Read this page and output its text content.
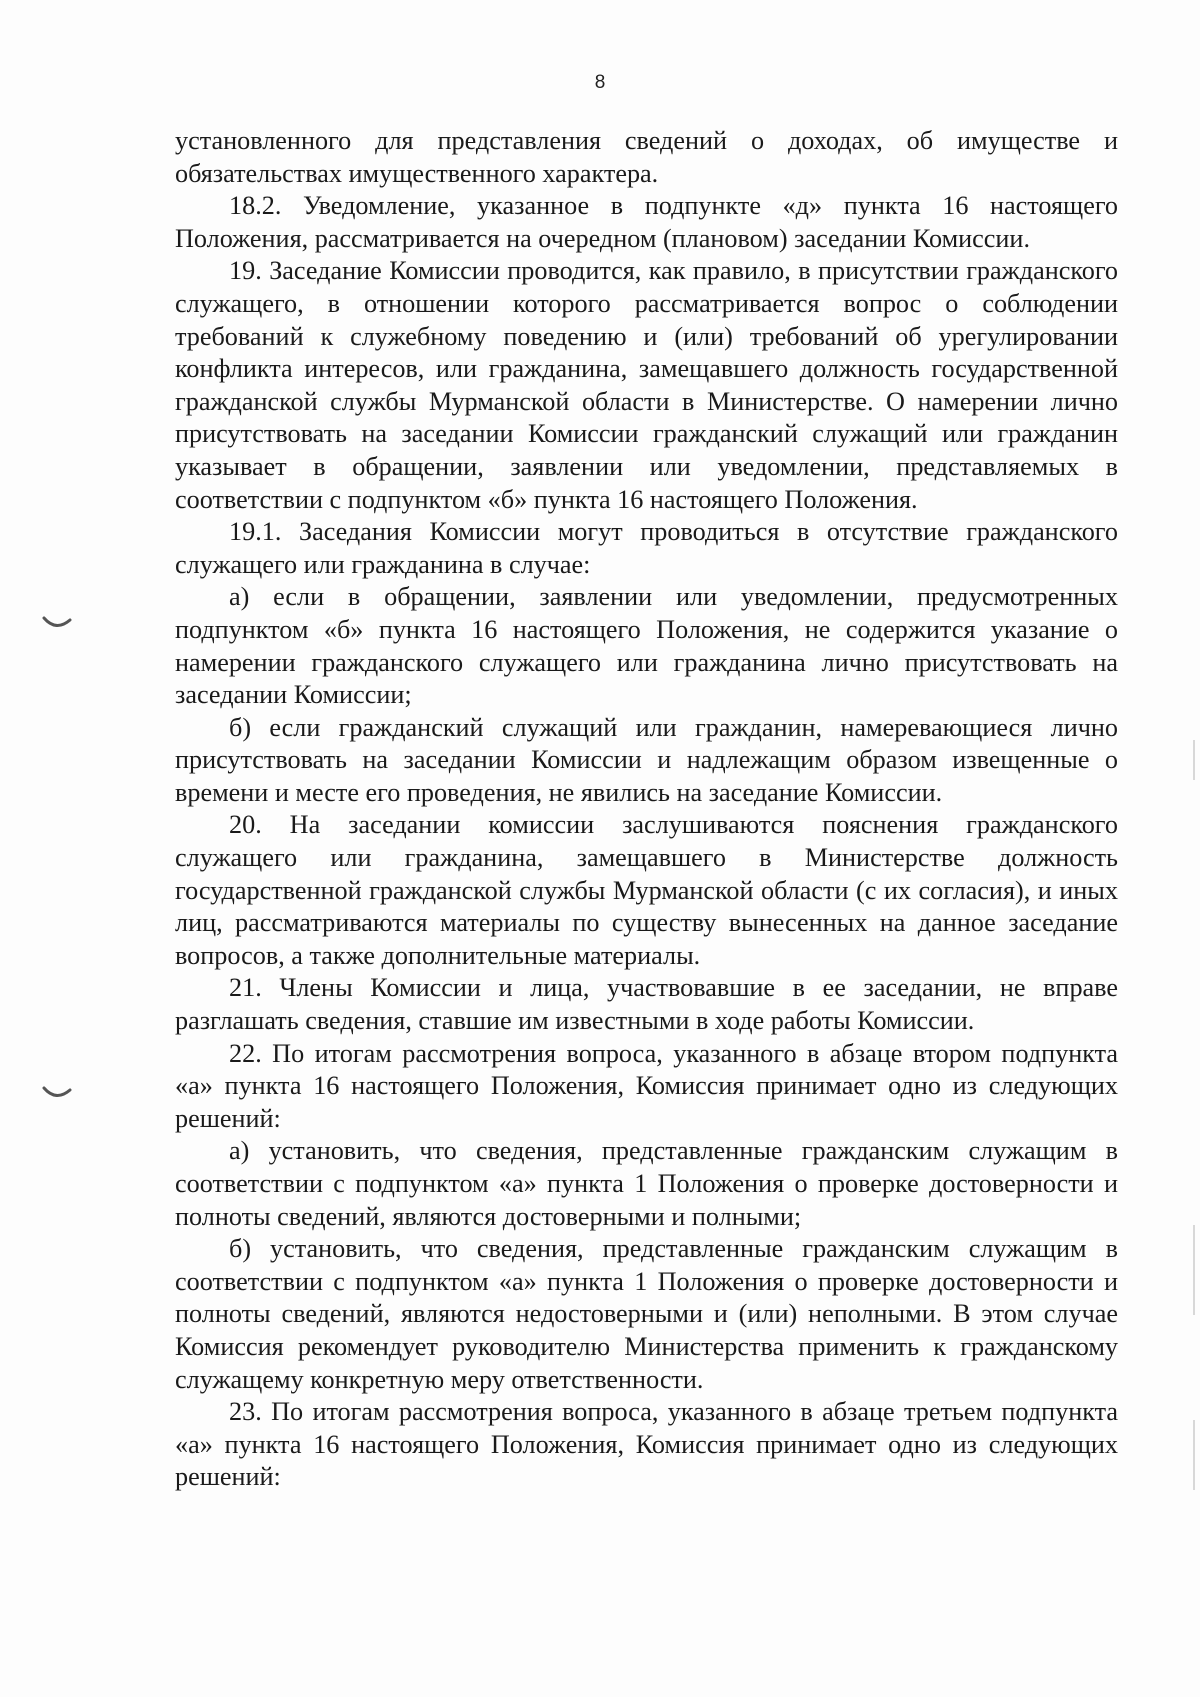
8

установленного для представления сведений о доходах, об имуществе и обязательствах имущественного характера.

18.2. Уведомление, указанное в подпункте «д» пункта 16 настоящего Положения, рассматривается на очередном (плановом) заседании Комиссии.

19. Заседание Комиссии проводится, как правило, в присутствии гражданского служащего, в отношении которого рассматривается вопрос о соблюдении требований к служебному поведению и (или) требований об урегулировании конфликта интересов, или гражданина, замещавшего должность государственной гражданской службы Мурманской области в Министерстве. О намерении лично присутствовать на заседании Комиссии гражданский служащий или гражданин указывает в обращении, заявлении или уведомлении, представляемых в соответствии с подпунктом «б» пункта 16 настоящего Положения.

19.1. Заседания Комиссии могут проводиться в отсутствие гражданского служащего или гражданина в случае:

а) если в обращении, заявлении или уведомлении, предусмотренных подпунктом «б» пункта 16 настоящего Положения, не содержится указание о намерении гражданского служащего или гражданина лично присутствовать на заседании Комиссии;

б) если гражданский служащий или гражданин, намеревающиеся лично присутствовать на заседании Комиссии и надлежащим образом извещенные о времени и месте его проведения, не явились на заседание Комиссии.

20. На заседании комиссии заслушиваются пояснения гражданского служащего или гражданина, замещавшего в Министерстве должность государственной гражданской службы Мурманской области (с их согласия), и иных лиц, рассматриваются материалы по существу вынесенных на данное заседание вопросов, а также дополнительные материалы.

21. Члены Комиссии и лица, участвовавшие в ее заседании, не вправе разглашать сведения, ставшие им известными в ходе работы Комиссии.

22. По итогам рассмотрения вопроса, указанного в абзаце втором подпункта «а» пункта 16 настоящего Положения, Комиссия принимает одно из следующих решений:

а) установить, что сведения, представленные гражданским служащим в соответствии с подпунктом «а» пункта 1 Положения о проверке достоверности и полноты сведений, являются достоверными и полными;

б) установить, что сведения, представленные гражданским служащим в соответствии с подпунктом «а» пункта 1 Положения о проверке достоверности и полноты сведений, являются недостоверными и (или) неполными. В этом случае Комиссия рекомендует руководителю Министерства применить к гражданскому служащему конкретную меру ответственности.

23. По итогам рассмотрения вопроса, указанного в абзаце третьем подпункта «а» пункта 16 настоящего Положения, Комиссия принимает одно из следующих решений:
